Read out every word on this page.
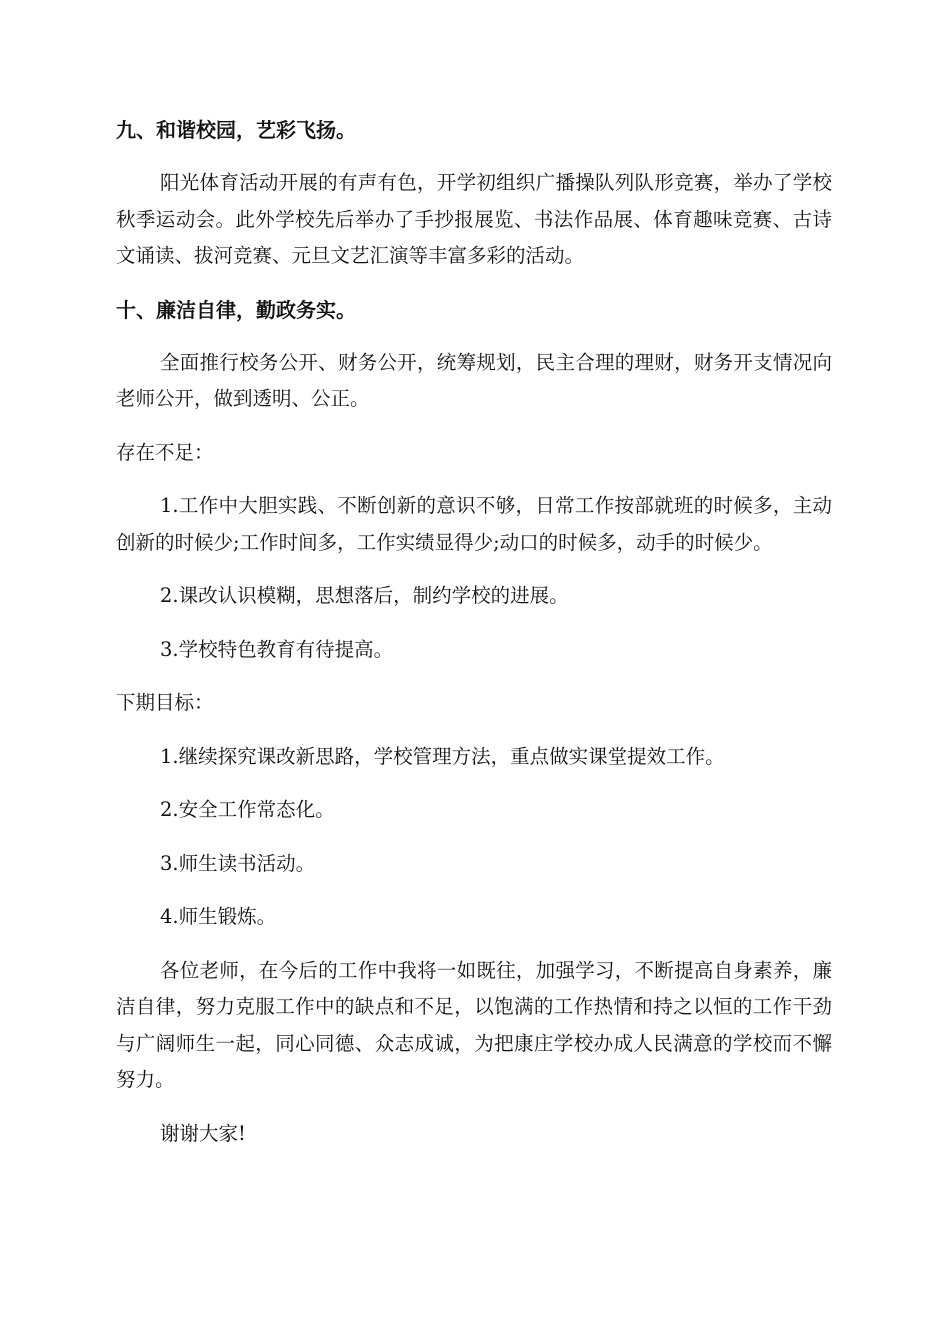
九、和谐校园，艺彩飞扬。
阳光体育活动开展的有声有色，开学初组织广播操队列队形竞赛，举办了学校秋季运动会。此外学校先后举办了手抄报展览、书法作品展、体育趣味竞赛、古诗文诵读、拔河竞赛、元旦文艺汇演等丰富多彩的活动。
十、廉洁自律，勤政务实。
全面推行校务公开、财务公开，统筹规划，民主合理的理财，财务开支情况向老师公开，做到透明、公正。
存在不足：
1.工作中大胆实践、不断创新的意识不够，日常工作按部就班的时候多，主动创新的时候少;工作时间多，工作实绩显得少;动口的时候多，动手的时候少。
2.课改认识模糊，思想落后，制约学校的进展。
3.学校特色教育有待提高。
下期目标：
1.继续探究课改新思路，学校管理方法，重点做实课堂提效工作。
2.安全工作常态化。
3.师生读书活动。
4.师生锻炼。
各位老师，在今后的工作中我将一如既往，加强学习，不断提高自身素养，廉洁自律，努力克服工作中的缺点和不足，以饱满的工作热情和持之以恒的工作干劲与广阔师生一起，同心同德、众志成诚，为把康庄学校办成人民满意的学校而不懈努力。
谢谢大家!
